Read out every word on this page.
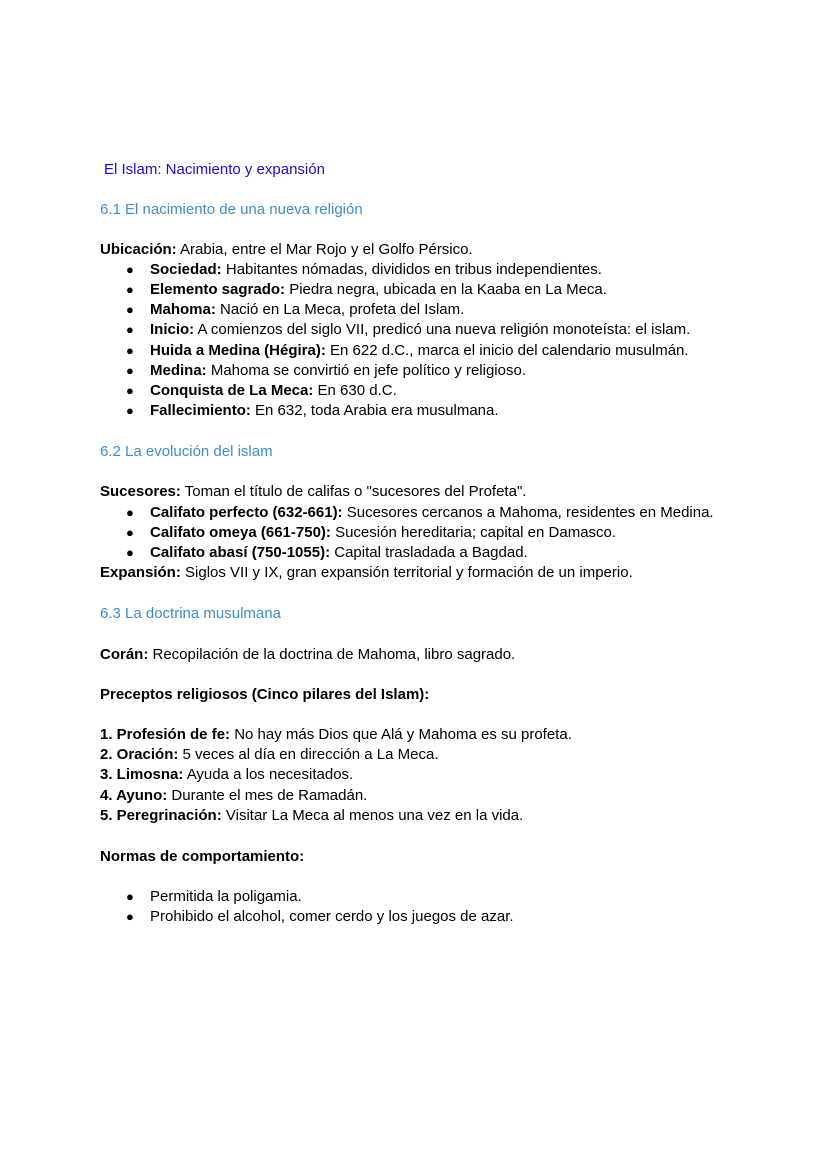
El Islam: Nacimiento y expansión
6.1 El nacimiento de una nueva religión
Ubicación: Arabia, entre el Mar Rojo y el Golfo Pérsico.
● Sociedad: Habitantes nómadas, divididos en tribus independientes.
● Elemento sagrado: Piedra negra, ubicada en la Kaaba en La Meca.
● Mahoma: Nació en La Meca, profeta del Islam.
● Inicio: A comienzos del siglo VII, predicó una nueva religión monoteísta: el islam.
● Huida a Medina (Hégira): En 622 d.C., marca el inicio del calendario musulmán.
● Medina: Mahoma se convirtió en jefe político y religioso.
● Conquista de La Meca: En 630 d.C.
● Fallecimiento: En 632, toda Arabia era musulmana.
6.2 La evolución del islam
Sucesores: Toman el título de califas o "sucesores del Profeta".
● Califato perfecto (632-661): Sucesores cercanos a Mahoma, residentes en Medina.
● Califato omeya (661-750): Sucesión hereditaria; capital en Damasco.
● Califato abasí (750-1055): Capital trasladada a Bagdad.
Expansión: Siglos VII y IX, gran expansión territorial y formación de un imperio.
6.3 La doctrina musulmana
Corán: Recopilación de la doctrina de Mahoma, libro sagrado.
Preceptos religiosos (Cinco pilares del Islam):
1. Profesión de fe: No hay más Dios que Alá y Mahoma es su profeta.
2. Oración: 5 veces al día en dirección a La Meca.
3. Limosna: Ayuda a los necesitados.
4. Ayuno: Durante el mes de Ramadán.
5. Peregrinación: Visitar La Meca al menos una vez en la vida.
Normas de comportamiento:
● Permitida la poligamia.
● Prohibido el alcohol, comer cerdo y los juegos de azar.
